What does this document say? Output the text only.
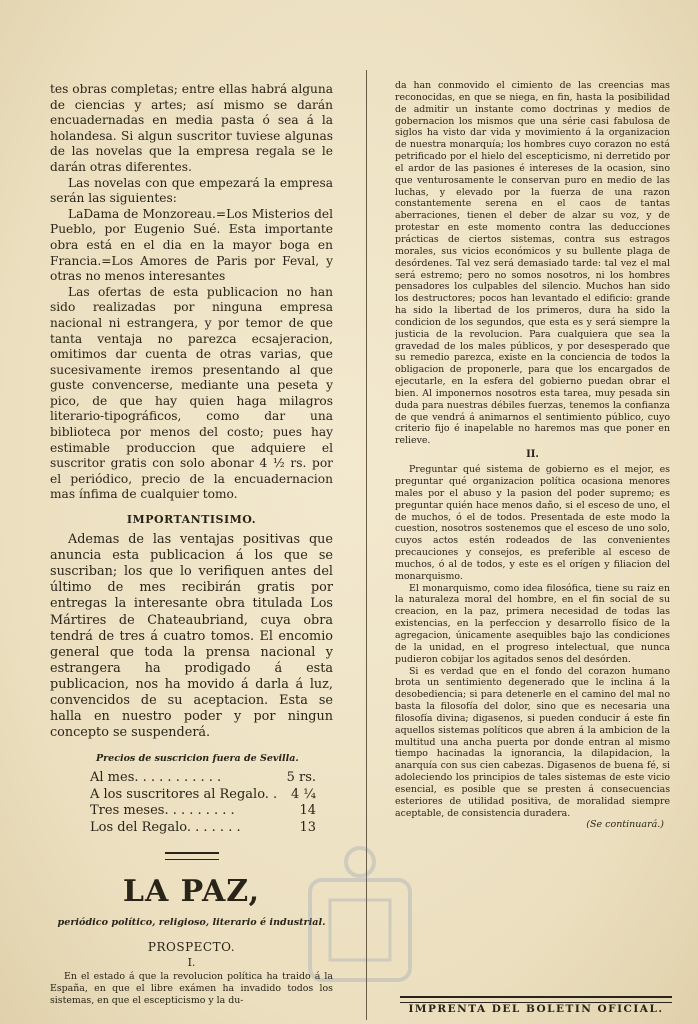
tes obras completas; entre ellas habrá alguna de ciencias y artes; así mismo se darán encuadernadas en media pasta ó sea á la holandesa. Si algun suscritor tuviese algunas de las novelas que la empresa regala se le darán otras diferentes.

Las novelas con que empezará la empresa serán las siguientes:

LaDama de Monzoreau.=Los Misterios del Pueblo, por Eugenio Sué. Esta importante obra está en el dia en la mayor boga en Francia.=Los Amores de Paris por Feval, y otras no menos interesantes

Las ofertas de esta publicacion no han sido realizadas por ninguna empresa nacional ni estrangera, y por temor de que tanta ventaja no parezca ecsajeracion, omitimos dar cuenta de otras varias, que sucesivamente iremos presentando al que guste convencerse, mediante una peseta y pico, de que hay quien haga milagros literario-tipográficos, como dar una biblioteca por menos del costo; pues hay estimable produccion que adquiere el suscritor gratis con solo abonar 4 ½ rs. por el periódico, precio de la encuadernacion mas ínfima de cualquier tomo.

IMPORTANTISIMO.

Ademas de las ventajas positivas que anuncia esta publicacion á los que se suscriban; los que lo verifiquen antes del último de mes recibirán gratis por entregas la interesante obra titulada Los Mártires de Chateaubriand, cuya obra tendrá de tres á cuatro tomos. El encomio general que toda la prensa nacional y estrangera ha prodigado á esta publicacion, nos ha movido á darla á luz, convencidos de su aceptacion. Esta se halla en nuestro poder y por ningun concepto se suspenderá.

Precios de suscricion fuera de Sevilla.
Al mes. . . . . . . . . . .	5 rs.
A los suscritores al Regalo. . 4 ¼
Tres meses. . . . . . . . .	14
Los del Regalo. . . . . . .	13
LA PAZ,
periódico político, religioso, literario é industrial.
PROSPECTO.
I.

En el estado á que la revolucion política ha traido á la España, en que el libre exámen ha invadido todos los sistemas, en que el escepticismo y la du-

da han conmovido el cimiento de las creencias mas reconocidas, en que se niega, en fin, hasta la posibilidad de admitir un instante como doctrinas y medios de gobernacion los mismos que una série casi fabulosa de siglos ha visto dar vida y movimiento á la organizacion de nuestra monarquía; los hombres cuyo corazon no está petrificado por el hielo del escepticismo, ni derretido por el ardor de las pasiones é intereses de la ocasion, sino que venturosamente le conservan puro en medio de las luchas, y elevado por la fuerza de una razon constantemente serena en el caos de tantas aberraciones, tienen el deber de alzar su voz, y de protestar en este momento contra las deducciones prácticas de ciertos sistemas, contra sus estragos morales, sus vicios económicos y su bullente plaga de desórdenes. Tal vez será demasiado tarde: tal vez el mal será estremo; pero no somos nosotros, ni los hombres pensadores los culpables del silencio. Muchos han sido los destructores; pocos han levantado el edificio: grande ha sido la libertad de los primeros, dura ha sido la condicion de los segundos, que esta es y será siempre la justicia de la revolucion. Para cualquiera que sea la gravedad de los males públicos, y por desesperado que su remedio parezca, existe en la conciencia de todos la obligacion de proponerle, para que los encargados de ejecutarle, en la esfera del gobierno puedan obrar el bien. Al imponernos nosotros esta tarea, muy pesada sin duda para nuestras débiles fuerzas, tenemos la confianza de que vendrá á animarnos el sentimiento público, cuyo criterio fijo é inapelable no haremos mas que poner en relieve.

II.

Preguntar qué sistema de gobierno es el mejor, es preguntar qué organizacion política ocasiona menores males por el abuso y la pasion del poder supremo; es preguntar quién hace menos daño, si el esceso de uno, el de muchos, ó el de todos. Presentada de este modo la cuestion, nosotros sostenemos que el esceso de uno solo, cuyos actos estén rodeados de las convenientes precauciones y consejos, es preferible al esceso de muchos, ó al de todos, y este es el orígen y filiacion del monarquismo.

El monarquismo, como idea filosófica, tiene su raiz en la naturaleza moral del hombre, en el fin social de su creacion, en la paz, primera necesidad de todas las existencias, en la perfeccion y desarrollo físico de la agregacion, únicamente asequibles bajo las condiciones de la unidad, en el progreso intelectual, que nunca pudieron cobijar los agitados senos del desórden.

Si es verdad que en el fondo del corazon humano brota un sentimiento degenerado que le inclina á la desobediencia; si para detenerle en el camino del mal no basta la filosofía del dolor, sino que es necesaria una filosofía divina; digasenos, si pueden conducir á este fin aquellos sistemas políticos que abren á la ambicion de la multitud una ancha puerta por donde entran al mismo tiempo hacinadas la ignorancia, la dilapidacion, la anarquía con sus cien cabezas. Digasenos de buena fé, si adoleciendo los principios de tales sistemas de este vicio esencial, es posible que se presten á consecuencias esteriores de utilidad positiva, de moralidad siempre aceptable, de consistencia duradera.

(Se continuará.)
IMPRENTA DEL BOLETIN OFICIAL.
